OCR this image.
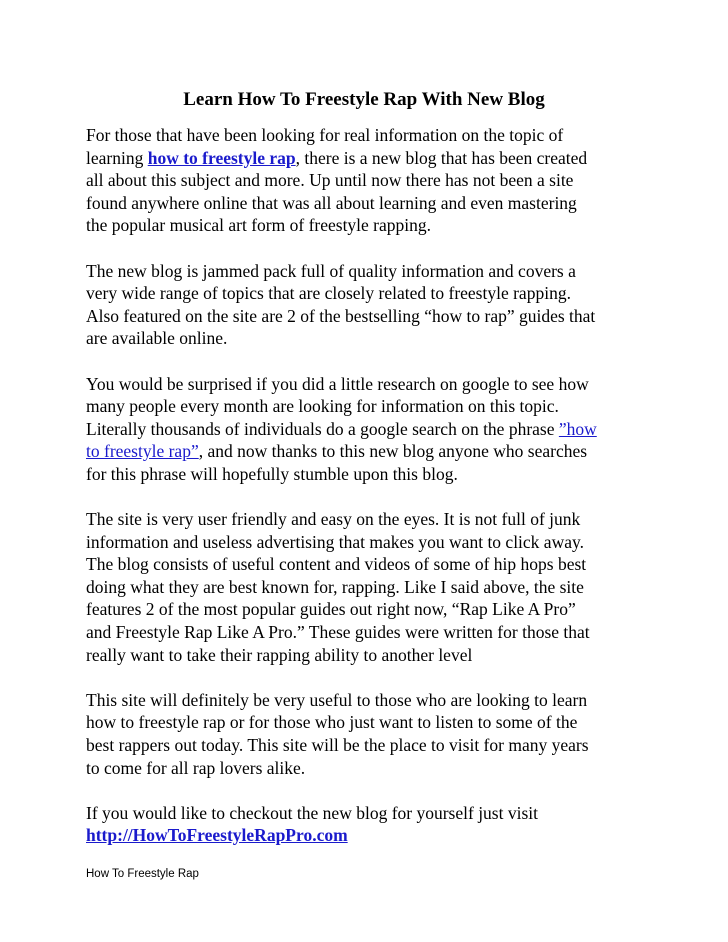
Learn How To Freestyle Rap With New Blog

For those that have been looking for real information on the topic of
learning how to freestyle rap, there is a new blog that has been created
all about this subject and more. Up until now there has not been a site
found anywhere online that was all about learning and even mastering
the popular musical art form of freestyle rapping.

The new blog is jammed pack full of quality information and covers a
very wide range of topics that are closely related to freestyle rapping.
Also featured on the site are 2 of the bestselling “how to rap” guides that
are available online.

You would be surprised if you did a little research on google to see how
many people every month are looking for information on this topic.
Literally thousands of individuals do a google search on the phrase ”how
to freestyle rap”, and now thanks to this new blog anyone who searches
for this phrase will hopefully stumble upon this blog.

The site is very user friendly and easy on the eyes. It is not full of junk
information and useless advertising that makes you want to click away.
The blog consists of useful content and videos of some of hip hops best
doing what they are best known for, rapping. Like I said above, the site
features 2 of the most popular guides out right now, “Rap Like A Pro”
and Freestyle Rap Like A Pro.” These guides were written for those that
really want to take their rapping ability to another level

This site will definitely be very useful to those who are looking to learn
how to freestyle rap or for those who just want to listen to some of the
best rappers out today. This site will be the place to visit for many years
to come for all rap lovers alike.

If you would like to checkout the new blog for yourself just visit
http://HowToFreestyleRapPro.com

How To Freestyle Rap
